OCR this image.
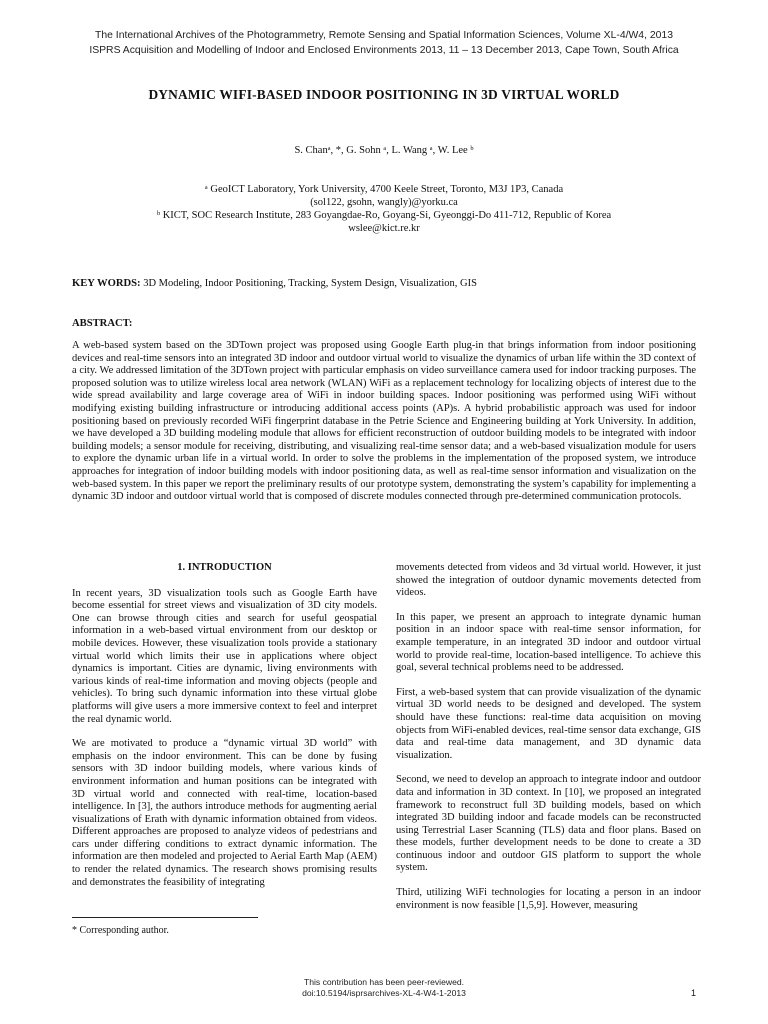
The International Archives of the Photogrammetry, Remote Sensing and Spatial Information Sciences, Volume XL-4/W4, 2013
ISPRS Acquisition and Modelling of Indoor and Enclosed Environments 2013, 11 – 13 December 2013, Cape Town, South Africa
DYNAMIC WIFI-BASED INDOOR POSITIONING IN 3D VIRTUAL WORLD
S. Chanᵃ, *, G. Sohn ᵃ, L. Wang ᵃ, W. Lee ᵇ
ᵃ GeoICT Laboratory, York University, 4700 Keele Street, Toronto, M3J 1P3, Canada
(sol122, gsohn, wangly)@yorku.ca
ᵇ KICT, SOC Research Institute, 283 Goyangdae-Ro, Goyang-Si, Gyeonggi-Do 411-712, Republic of Korea
wslee@kict.re.kr
KEY WORDS: 3D Modeling, Indoor Positioning, Tracking, System Design, Visualization, GIS
ABSTRACT:
A web-based system based on the 3DTown project was proposed using Google Earth plug-in that brings information from indoor positioning devices and real-time sensors into an integrated 3D indoor and outdoor virtual world to visualize the dynamics of urban life within the 3D context of a city. We addressed limitation of the 3DTown project with particular emphasis on video surveillance camera used for indoor tracking purposes. The proposed solution was to utilize wireless local area network (WLAN) WiFi as a replacement technology for localizing objects of interest due to the wide spread availability and large coverage area of WiFi in indoor building spaces. Indoor positioning was performed using WiFi without modifying existing building infrastructure or introducing additional access points (AP)s. A hybrid probabilistic approach was used for indoor positioning based on previously recorded WiFi fingerprint database in the Petrie Science and Engineering building at York University. In addition, we have developed a 3D building modeling module that allows for efficient reconstruction of outdoor building models to be integrated with indoor building models; a sensor module for receiving, distributing, and visualizing real-time sensor data; and a web-based visualization module for users to explore the dynamic urban life in a virtual world. In order to solve the problems in the implementation of the proposed system, we introduce approaches for integration of indoor building models with indoor positioning data, as well as real-time sensor information and visualization on the web-based system. In this paper we report the preliminary results of our prototype system, demonstrating the system’s capability for implementing a dynamic 3D indoor and outdoor virtual world that is composed of discrete modules connected through pre-determined communication protocols.
1. INTRODUCTION

In recent years, 3D visualization tools such as Google Earth have become essential for street views and visualization of 3D city models. One can browse through cities and search for useful geospatial information in a web-based virtual environment from our desktop or mobile devices. However, these visualization tools provide a stationary virtual world which limits their use in applications where object dynamics is important. Cities are dynamic, living environments with various kinds of real-time information and moving objects (people and vehicles). To bring such dynamic information into these virtual globe platforms will give users a more immersive context to feel and interpret the real dynamic world.

We are motivated to produce a “dynamic virtual 3D world” with emphasis on the indoor environment. This can be done by fusing sensors with 3D indoor building models, where various kinds of environment information and human positions can be integrated with 3D virtual world and connected with real-time, location-based intelligence. In [3], the authors introduce methods for augmenting aerial visualizations of Erath with dynamic information obtained from videos. Different approaches are proposed to analyze videos of pedestrians and cars under differing conditions to extract dynamic information. The information are then modeled and projected to Aerial Earth Map (AEM) to render the related dynamics. The research shows promising results and demonstrates the feasibility of integrating

movements detected from videos and 3d virtual world. However, it just showed the integration of outdoor dynamic movements detected from videos.

In this paper, we present an approach to integrate dynamic human position in an indoor space with real-time sensor information, for example temperature, in an integrated 3D indoor and outdoor virtual world to provide real-time, location-based intelligence. To achieve this goal, several technical problems need to be addressed.

First, a web-based system that can provide visualization of the dynamic virtual 3D world needs to be designed and developed. The system should have these functions: real-time data acquisition on moving objects from WiFi-enabled devices, real-time sensor data exchange, GIS data and real-time data management, and 3D dynamic data visualization.

Second, we need to develop an approach to integrate indoor and outdoor data and information in 3D context. In [10], we proposed an integrated framework to reconstruct full 3D building models, based on which integrated 3D building indoor and facade models can be reconstructed using Terrestrial Laser Scanning (TLS) data and floor plans. Based on these models, further development needs to be done to create a 3D continuous indoor and outdoor GIS platform to support the whole system.

Third, utilizing WiFi technologies for locating a person in an indoor environment is now feasible [1,5,9]. However, measuring

* Corresponding author.
This contribution has been peer-reviewed.
doi:10.5194/isprsarchives-XL-4-W4-1-2013	1
